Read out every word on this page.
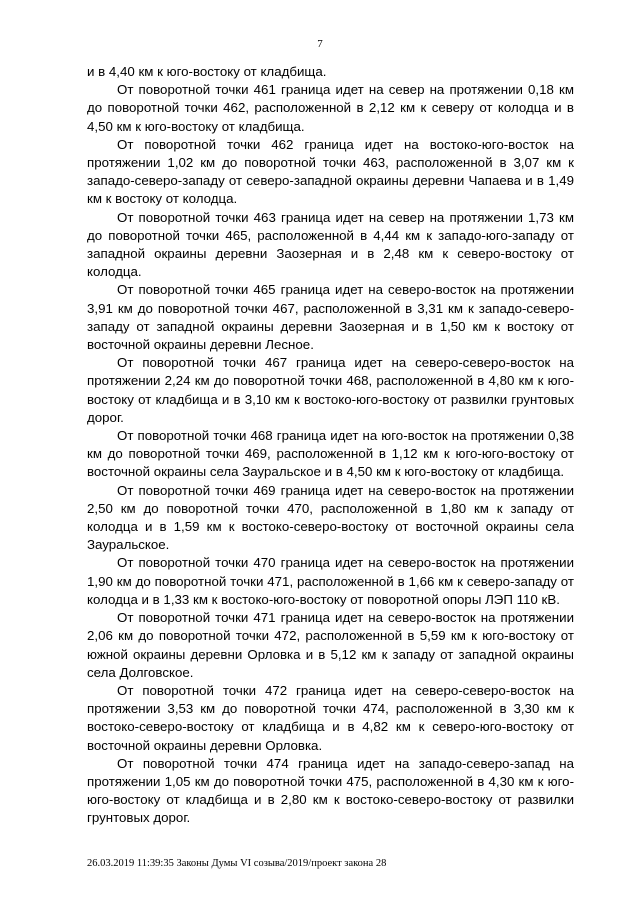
7

и в 4,40 км к юго-востоку от кладбища.

От поворотной точки 461 граница идет на север на протяжении 0,18 км до поворотной точки 462, расположенной в 2,12 км к северу от колодца и в 4,50 км к юго-востоку от кладбища.

От поворотной точки 462 граница идет на востоко-юго-восток на протяжении 1,02 км до поворотной точки 463, расположенной в 3,07 км к западо-северо-западу от северо-западной окраины деревни Чапаева и в 1,49 км к востоку от колодца.

От поворотной точки 463 граница идет на север на протяжении 1,73 км до поворотной точки 465, расположенной в 4,44 км к западо-юго-западу от западной окраины деревни Заозерная и в 2,48 км к северо-востоку от колодца.

От поворотной точки 465 граница идет на северо-восток на протяжении 3,91 км до поворотной точки 467, расположенной в 3,31 км к западо-северо-западу от западной окраины деревни Заозерная и в 1,50 км к востоку от восточной окраины деревни Лесное.

От поворотной точки 467 граница идет на северо-северо-восток на протяжении 2,24 км до поворотной точки 468, расположенной в 4,80 км к юго-востоку от кладбища и в 3,10 км к востоко-юго-востоку от развилки грунтовых дорог.

От поворотной точки 468 граница идет на юго-восток на протяжении 0,38 км до поворотной точки 469, расположенной в 1,12 км к юго-юго-востоку от восточной окраины села Зауральское и в 4,50 км к юго-востоку от кладбища.

От поворотной точки 469 граница идет на северо-восток на протяжении 2,50 км до поворотной точки 470, расположенной в 1,80 км к западу от колодца и в 1,59 км к востоко-северо-востоку от восточной окраины села Зауральское.

От поворотной точки 470 граница идет на северо-восток на протяжении 1,90 км до поворотной точки 471, расположенной в 1,66 км к северо-западу от колодца и в 1,33 км к востоко-юго-востоку от поворотной опоры ЛЭП 110 кВ.

От поворотной точки 471 граница идет на северо-восток на протяжении 2,06 км до поворотной точки 472, расположенной в 5,59 км к юго-востоку от южной окраины деревни Орловка и в 5,12 км к западу от западной окраины села Долговское.

От поворотной точки 472 граница идет на северо-северо-восток на протяжении 3,53 км до поворотной точки 474, расположенной в 3,30 км к востоко-северо-востоку от кладбища и в 4,82 км к северо-юго-востоку от восточной окраины деревни Орловка.

От поворотной точки 474 граница идет на западо-северо-запад на протяжении 1,05 км до поворотной точки 475, расположенной в 4,30 км к юго-юго-востоку от кладбища и в 2,80 км к востоко-северо-востоку от развилки грунтовых дорог.

26.03.2019 11:39:35 Законы Думы VI созыва/2019/проект закона 28
